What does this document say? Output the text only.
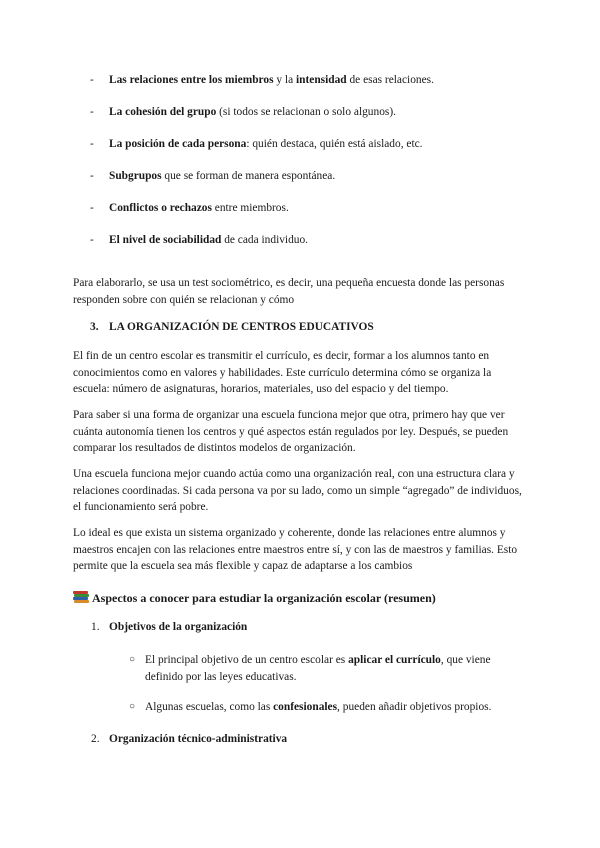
- Las relaciones entre los miembros y la intensidad de esas relaciones.
- La cohesión del grupo (si todos se relacionan o solo algunos).
- La posición de cada persona: quién destaca, quién está aislado, etc.
- Subgrupos que se forman de manera espontánea.
- Conflictos o rechazos entre miembros.
- El nivel de sociabilidad de cada individuo.

Para elaborarlo, se usa un test sociométrico, es decir, una pequeña encuesta donde las personas responden sobre con quién se relacionan y cómo

3. LA ORGANIZACIÓN DE CENTROS EDUCATIVOS

El fin de un centro escolar es transmitir el currículo, es decir, formar a los alumnos tanto en conocimientos como en valores y habilidades. Este currículo determina cómo se organiza la escuela: número de asignaturas, horarios, materiales, uso del espacio y del tiempo.

Para saber si una forma de organizar una escuela funciona mejor que otra, primero hay que ver cuánta autonomía tienen los centros y qué aspectos están regulados por ley. Después, se pueden comparar los resultados de distintos modelos de organización.

Una escuela funciona mejor cuando actúa como una organización real, con una estructura clara y relaciones coordinadas. Si cada persona va por su lado, como un simple “agregado” de individuos, el funcionamiento será pobre.

Lo ideal es que exista un sistema organizado y coherente, donde las relaciones entre alumnos y maestros encajen con las relaciones entre maestros entre sí, y con las de maestros y familias. Esto permite que la escuela sea más flexible y capaz de adaptarse a los cambios

Aspectos a conocer para estudiar la organización escolar (resumen)
1. Objetivos de la organización
○ El principal objetivo de un centro escolar es aplicar el currículo, que viene definido por las leyes educativas.
○ Algunas escuelas, como las confesionales, pueden añadir objetivos propios.
2. Organización técnico-administrativa
